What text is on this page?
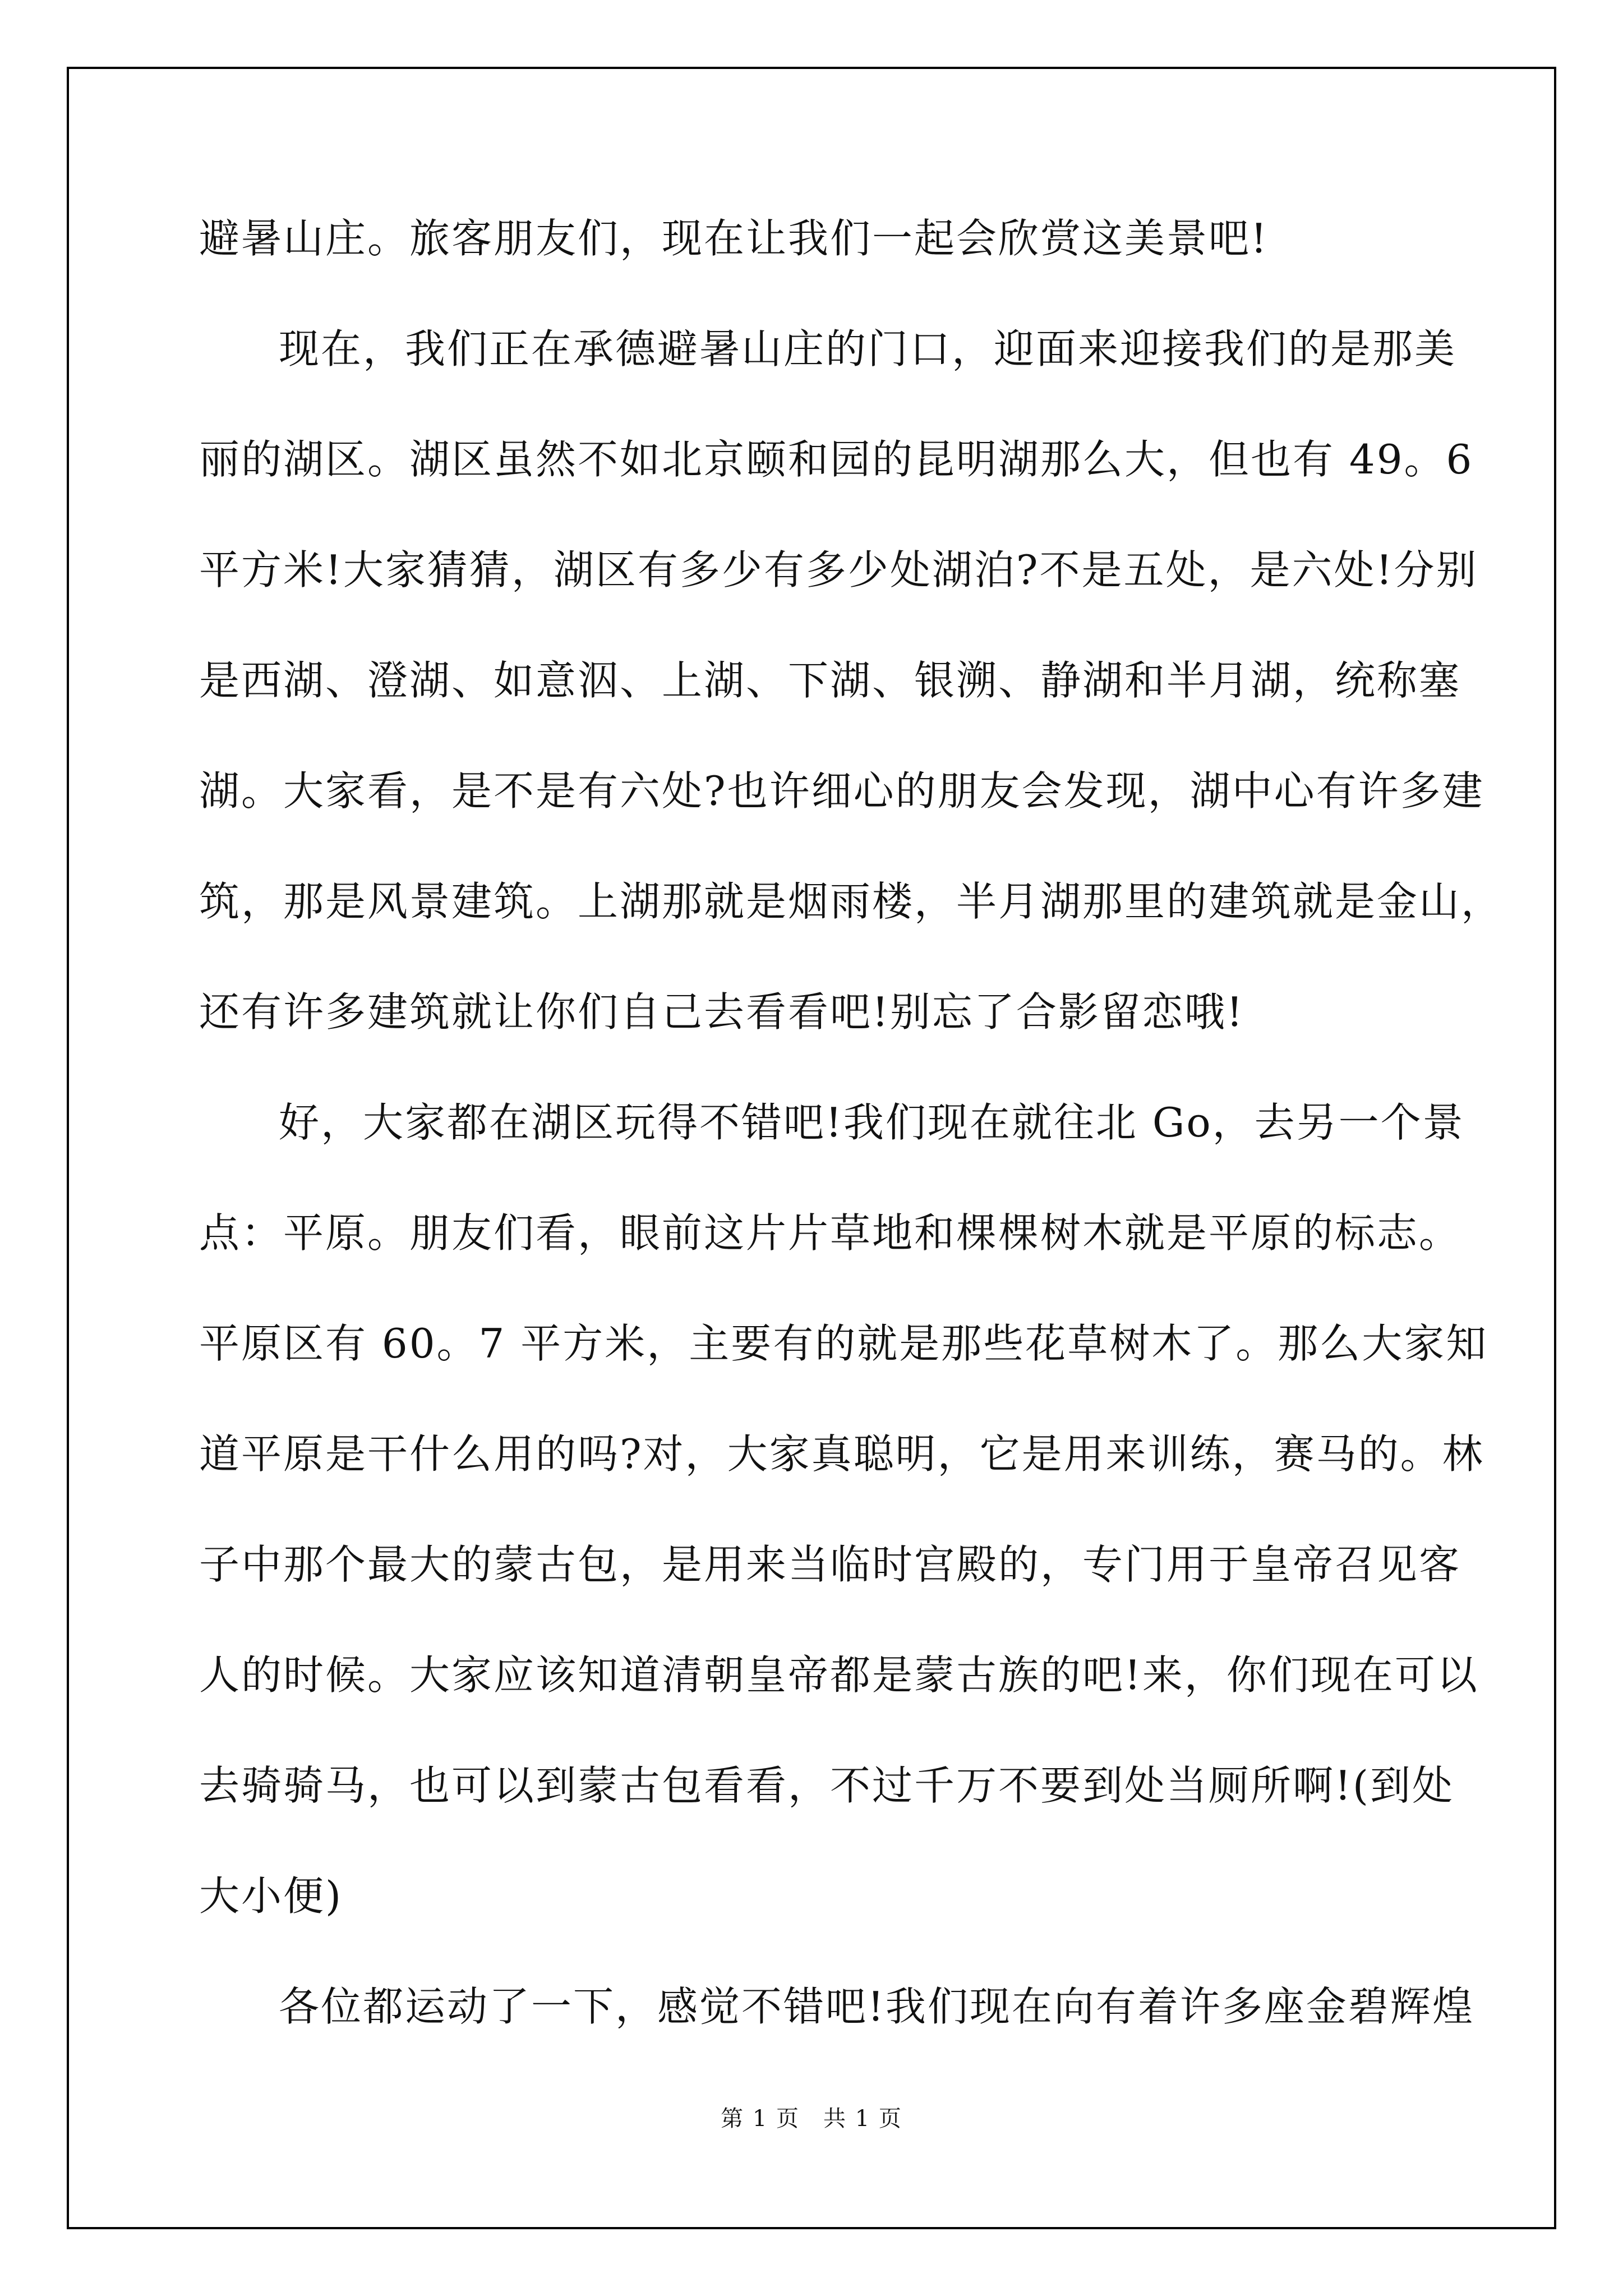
避暑山庄。旅客朋友们，现在让我们一起会欣赏这美景吧!
现在，我们正在承德避暑山庄的门口，迎面来迎接我们的是那美
丽的湖区。湖区虽然不如北京颐和园的昆明湖那么大，但也有 49。6
平方米!大家猜猜，湖区有多少有多少处湖泊?不是五处，是六处!分别
是西湖、澄湖、如意泅、上湖、下湖、银溯、静湖和半月湖，统称塞
湖。大家看，是不是有六处?也许细心的朋友会发现，湖中心有许多建
筑，那是风景建筑。上湖那就是烟雨楼，半月湖那里的建筑就是金山，
还有许多建筑就让你们自己去看看吧!别忘了合影留恋哦!
好，大家都在湖区玩得不错吧!我们现在就往北 Go，去另一个景
点：平原。朋友们看，眼前这片片草地和棵棵树木就是平原的标志。
平原区有 60。7 平方米，主要有的就是那些花草树木了。那么大家知
道平原是干什么用的吗?对，大家真聪明，它是用来训练，赛马的。林
子中那个最大的蒙古包，是用来当临时宫殿的，专门用于皇帝召见客
人的时候。大家应该知道清朝皇帝都是蒙古族的吧!来，你们现在可以
去骑骑马，也可以到蒙古包看看，不过千万不要到处当厕所啊!(到处
大小便)
各位都运动了一下，感觉不错吧!我们现在向有着许多座金碧辉煌
第 1 页　共 1 页
